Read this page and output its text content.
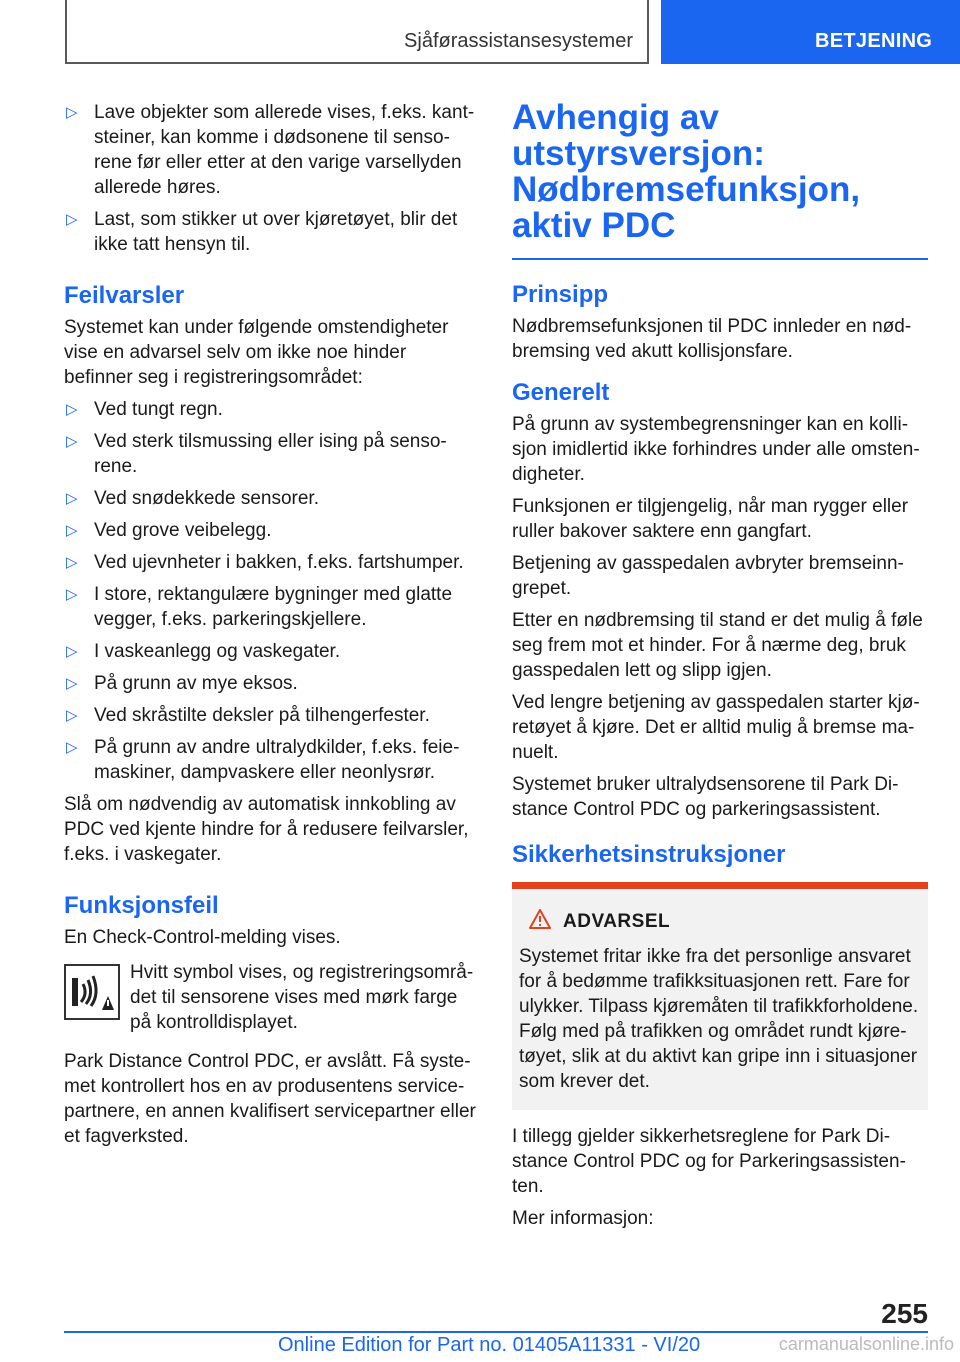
Sjåførassistansesystemer	BETJENING
▷ Lave objekter som allerede vises, f.eks. kantsteiner, kan komme i dødsonene til sensorene før eller etter at den varige varsellyden allerede høres.
▷ Last, som stikker ut over kjøretøyet, blir det ikke tatt hensyn til.
Feilvarsler

Systemet kan under følgende omstendigheter vise en advarsel selv om ikke noe hinder befinner seg i registreringsområdet:

▷ Ved tungt regn.
▷ Ved sterk tilsmussing eller ising på sensorene.
▷ Ved snødekkede sensorer.
▷ Ved grove veibelegg.
▷ Ved ujevnheter i bakken, f.eks. fartshumper.
▷ I store, rektangulære bygninger med glatte vegger, f.eks. parkeringskjellere.
▷ I vaskeanlegg og vaskegater.
▷ På grunn av mye eksos.
▷ Ved skråstilte deksler på tilhengerfester.
▷ På grunn av andre ultralydkilder, f.eks. feiemaskiner, dampvaskere eller neonlysrør.

Slå om nødvendig av automatisk innkobling av PDC ved kjente hindre for å redusere feilvarsler, f.eks. i vaskegater.

Funksjonsfeil

En Check-Control-melding vises.

Hvitt symbol vises, og registreringsområdet til sensorene vises med mørk farge på kontrolldisplayet.

Park Distance Control PDC, er avslått. Få systemet kontrollert hos en av produsentens servicepartnere, en annen kvalifisert servicepartner eller et fagverksted.

Avhengig av utstyrsversjon: Nødbremsefunksjon, aktiv PDC
Prinsipp

Nødbremsefunksjonen til PDC innleder en nødbremsing ved akutt kollisjonsfare.

Generelt

På grunn av systembegrensninger kan en kollisjon imidlertid ikke forhindres under alle omstendigheter.

Funksjonen er tilgjengelig, når man rygger eller ruller bakover saktere enn gangfart.

Betjening av gasspedalen avbryter bremseinngrepet.

Etter en nødbremsing til stand er det mulig å føle seg frem mot et hinder. For å nærme deg, bruk gasspedalen lett og slipp igjen.

Ved lengre betjening av gasspedalen starter kjøretøyet å kjøre. Det er alltid mulig å bremse manuelt.

Systemet bruker ultralydsensorene til Park Distance Control PDC og parkeringsassistent.

Sikkerhetsinstruksjoner
ADVARSEL

Systemet fritar ikke fra det personlige ansvaret for å bedømme trafikksituasjonen rett. Fare for ulykker. Tilpass kjøremåten til trafikkforholdene. Følg med på trafikken og området rundt kjøretøyet, slik at du aktivt kan gripe inn i situasjoner som krever det.

I tillegg gjelder sikkerhetsreglene for Park Distance Control PDC og for Parkeringsassistenten.

Mer informasjon:

255
Online Edition for Part no. 01405A11331 - VI/20	carmanualsonline.info
